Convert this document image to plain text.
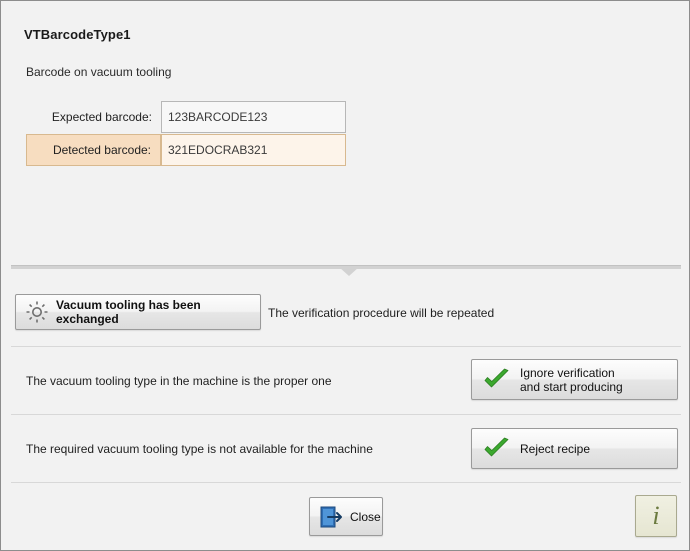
VTBarcodeType1
Barcode on vacuum tooling
Expected barcode:	123BARCODE123
Detected barcode:	321EDOCRAB321
Vacuum tooling has been exchanged	The verification procedure will be repeated
The vacuum tooling type in the machine is the proper one
Ignore verification
and start producing
The required vacuum tooling type is not available for the machine	Reject recipe
Close	i
